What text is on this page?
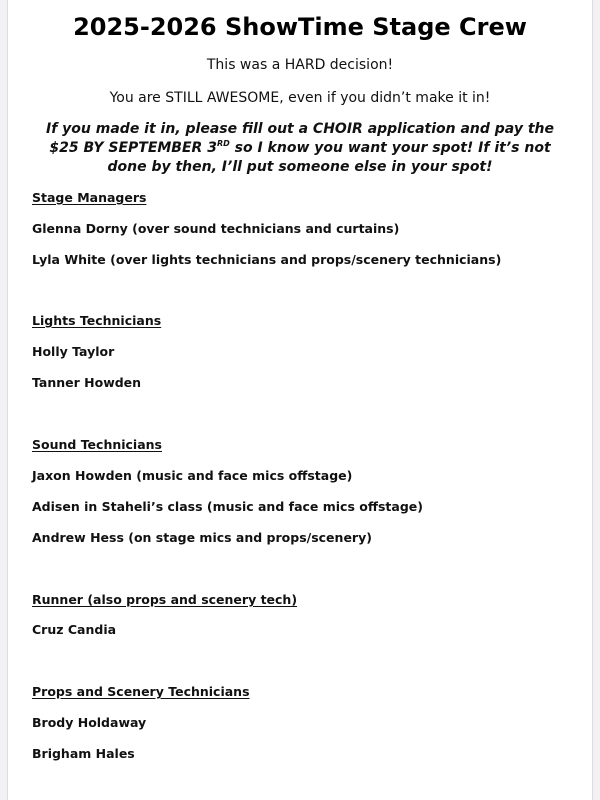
2025-2026 ShowTime Stage Crew

This was a HARD decision!

You are STILL AWESOME, even if you didn’t make it in!

If you made it in, please fill out a CHOIR application and pay the $25 BY SEPTEMBER 3RD so I know you want your spot! If it’s not done by then, I’ll put someone else in your spot!

Stage Managers

Glenna Dorny (over sound technicians and curtains)

Lyla White (over lights technicians and props/scenery technicians)

Lights Technicians

Holly Taylor

Tanner Howden

Sound Technicians

Jaxon Howden (music and face mics offstage)

Adisen in Staheli’s class (music and face mics offstage)

Andrew Hess (on stage mics and props/scenery)

Runner (also props and scenery tech)

Cruz Candia

Props and Scenery Technicians

Brody Holdaway

Brigham Hales
